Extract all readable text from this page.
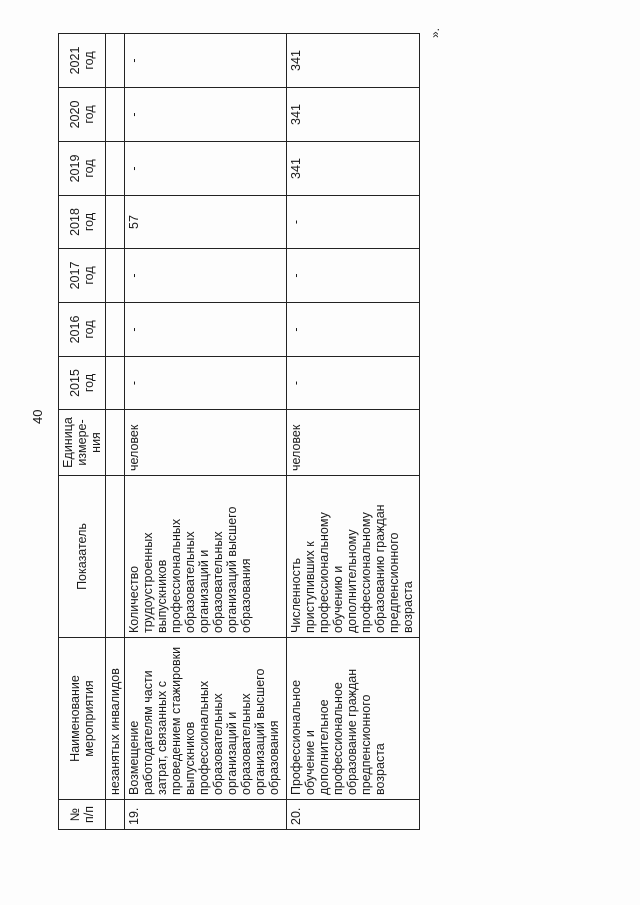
40
».
№ п/п	Наименование мероприятия	Показатель	Единица измере-ния	2015 год	2016 год	2017 год	2018 год	2019 год	2020 год	2021 год
	незанятых инвалидов									
19.	Возмещение работодателям части затрат, связанных с проведением стажировки выпускников профессиональных образовательных организаций и образовательных организаций высшего образования	Количество трудоустроенных выпускников профессиональных образовательных организаций и образовательных организаций высшего образования	человек	-	-	-	57	-	-	-
20.	Профессиональное обучение и дополнительное профессиональное образование граждан предпенсионного возраста	Численность приступивших к профессиональному обучению и дополнительному профессиональному образованию граждан предпенсионного возраста	человек	-	-	-	-	341	341	341
